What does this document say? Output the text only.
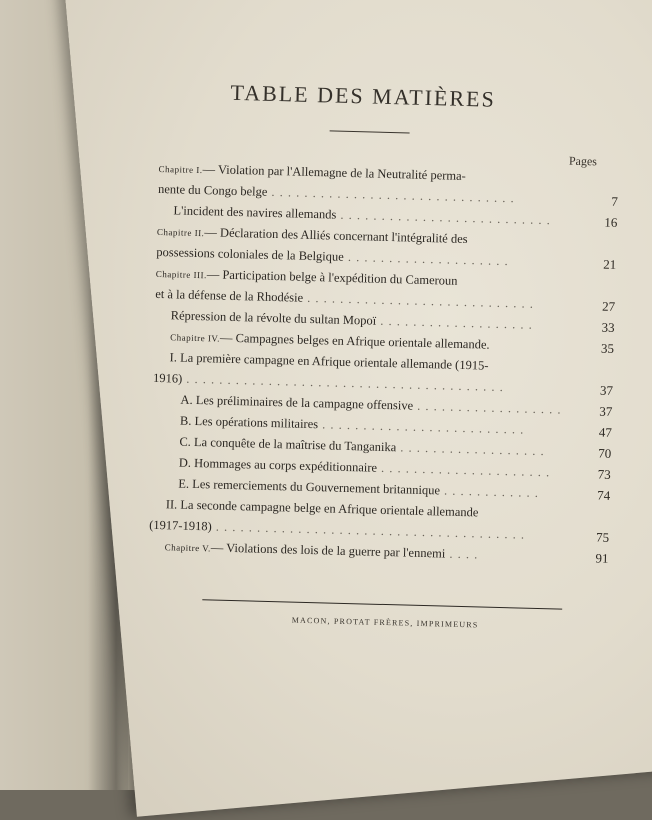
TABLE DES MATIÈRES
Pages
Chapitre I.— Violation par l'Allemagne de la Neutralité perma-
nente du Congo belge . . . . . . . . . . . . . . . . . . . . . . . . . . . . . .	7
L'incident des navires allemands . . . . . . . . . . . . . . . . . . . . . . . . . .	16
Chapitre II.— Déclaration des Alliés concernant l'intégralité des
possessions coloniales de la Belgique . . . . . . . . . . . . . . . . . . . .	21
Chapitre III.— Participation belge à l'expédition du Cameroun
et à la défense de la Rhodésie . . . . . . . . . . . . . . . . . . . . . . . . . . . .	27
Répression de la révolte du sultan Mopoï . . . . . . . . . . . . . . . . . . .	33
Chapitre IV.— Campagnes belges en Afrique orientale allemande.	35
I. La première campagne en Afrique orientale allemande (1915-
1916) . . . . . . . . . . . . . . . . . . . . . . . . . . . . . . . . . . . . . . .	37
A. Les préliminaires de la campagne offensive . . . . . . . . . . . . . . . . . .	37
B. Les opérations militaires . . . . . . . . . . . . . . . . . . . . . . . . .	47
C. La conquête de la maîtrise du Tanganika . . . . . . . . . . . . . . . . . .	70
D. Hommages au corps expéditionnaire . . . . . . . . . . . . . . . . . . . . .	73
E. Les remerciements du Gouvernement britannique . . . . . . . . . . . .	74
II. La seconde campagne belge en Afrique orientale allemande
(1917-1918) . . . . . . . . . . . . . . . . . . . . . . . . . . . . . . . . . . . . . .	75
Chapitre V.— Violations des lois de la guerre par l'ennemi . . . .	91
MACON, PROTAT FRÈRES, IMPRIMEURS
